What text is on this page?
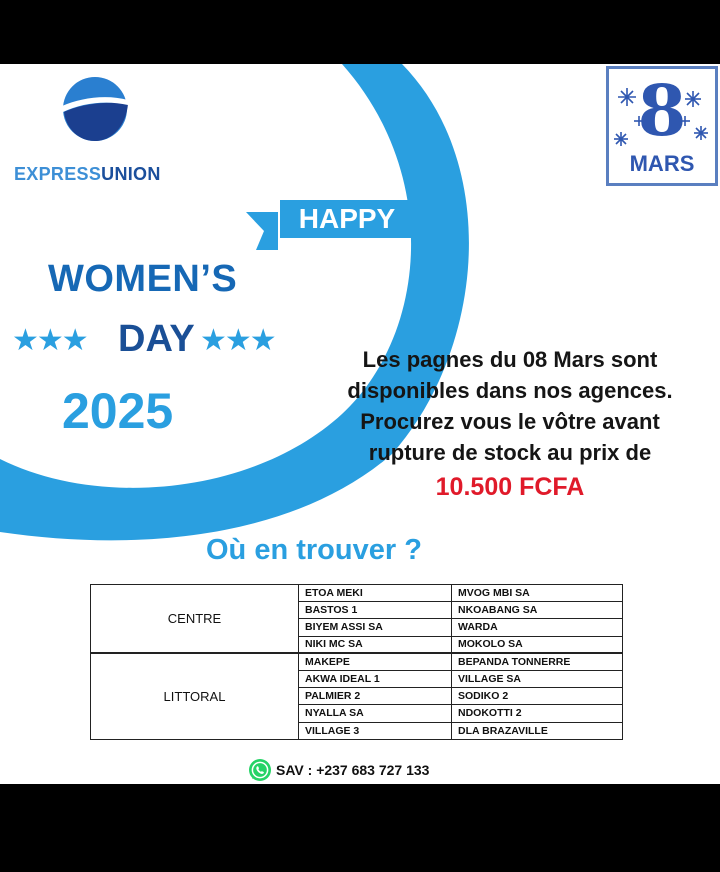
EXPRESSUNION
8
MARS
HAPPY
WOMEN’S
★★★ DAY ★★★
2025
Les pagnes du 08 Mars sont
disponibles dans nos agences.
Procurez vous le vôtre avant
rupture de stock au prix de
10.500 FCFA
Où en trouver ?
CENTRE	ETOA MEKI	MVOG MBI SA
	BASTOS 1	NKOABANG SA
	BIYEM ASSI SA	WARDA
	NIKI MC SA	MOKOLO SA
LITTORAL	MAKEPE	BEPANDA TONNERRE
	AKWA IDEAL 1	VILLAGE SA
	PALMIER 2	SODIKO 2
	NYALLA SA	NDOKOTTI 2
	VILLAGE 3	DLA BRAZAVILLE
SAV : +237 683 727 133
